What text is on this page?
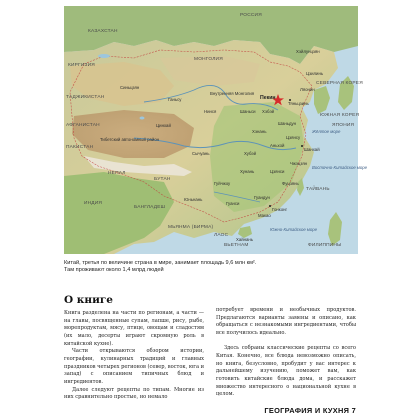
РОССИЯ
КАЗАХСТАН
МОНГОЛИЯ
КИРГИЗИЯ
ТАДЖИКИСТАН
АФГАНИСТАН
ПАКИСТАН
ИНДИЯ
НЕПАЛ
БУТАН
БАНГЛАДЕШ
МЬЯНМА (БИРМА)
ЛАОС
ВЬЕТНАМ
СЕВЕРНАЯ КОРЕЯ
ЮЖНАЯ КОРЕЯ
ЯПОНИЯ
ТАЙВАНЬ
ФИЛИППИНЫ
Синьцзян
Внутренняя Монголия
Ганьсу
Нинся	Шаньси Хэбэй
Шаньдун
Хэнань
Цзянсу
Аньхой
Тибетский автономный район
Цинхай
Сычуань	Хубэй
Хунань	Цзянси
Чжэцзян
Фуцзянь
Гуйчжоу
Юньнань
Гуанси
Гуандун
Хайнань
Ляонин
Цзилинь
Хэйлунцзян
Пекин
Тяньцзинь
Шанхай
Гонконг
Макао
Жёлтое море
Восточно-Китайское море
Южно-Китайское море
Китай, третья по величине страна в мире, занимает площадь 9,6 млн км². Там проживают около 1,4 млрд людей
О книге

Книга разделена на части по регионам, а части — на главы, посвященные супам, лапше, рису, рыбе, морепродуктам, мясу, птице, овощам и сладостям (их мало, десерты играют скромную роль в китайской кухне).

Части открываются обзором истории, географии, кулинарных традиций и главных праздников четырех регионов (север, восток, юга и запад) с описанием типичных блюд и ингредиентов.

Далее следуют рецепты по типам. Многие из них сравнительно простые, но немало

потребует времени и необычных продуктов. Предлагаются варианты замены и описано, как обращаться с незнакомыми ингредиентами, чтобы все получилось идеально.

Здесь собраны классические рецепты со всего Китая. Конечно, все блюда невозможно описать, но книга, безусловно, пробудит у вас интерес к дальнейшему изучению, поможет вам, как готовить китайские блюда дома, и расскажет множество интересного о национальной кухне в целом.

ГЕОГРАФИЯ И КУХНЯ 7
